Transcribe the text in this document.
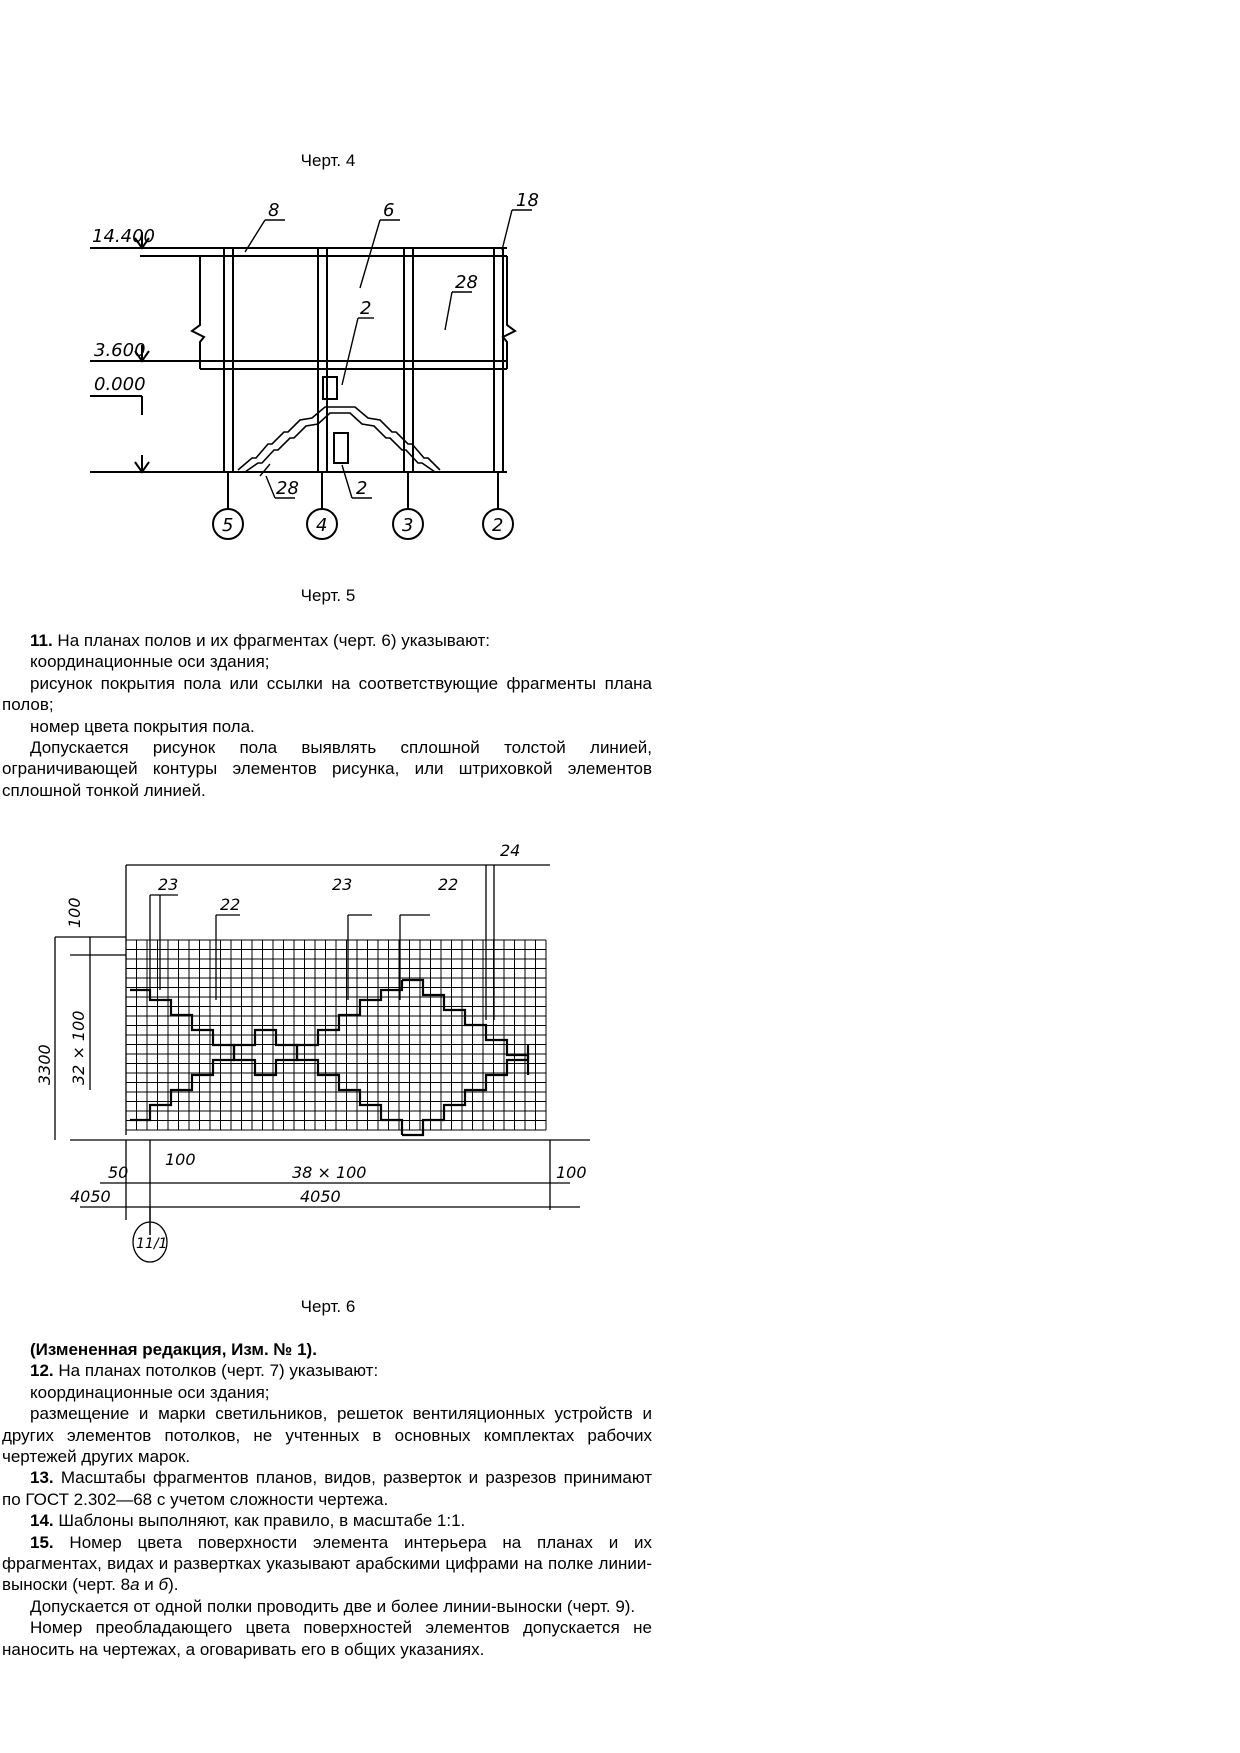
Черт. 4
14.400
3.600
0.000
8	6	18
2
28
28	2
5	4	3	2
Черт. 5

11. На планах полов и их фрагментах (черт. 6) указывают:

координационные оси здания;

рисунок покрытия пола или ссылки на соответствующие фрагменты плана полов;

номер цвета покрытия пола.

Допускается рисунок пола выявлять сплошной толстой линией, ограничивающей контуры элементов рисунка, или штриховкой элементов сплошной тонкой линией.

24
23
22
23	22
100
3300 32 × 100
50
100
38 × 100	100
4050	4050
11/1
Черт. 6

(Измененная редакция, Изм. № 1).

12. На планах потолков (черт. 7) указывают:

координационные оси здания;

размещение и марки светильников, решеток вентиляционных устройств и других элементов потолков, не учтенных в основных комплектах рабочих чертежей других марок.

13. Масштабы фрагментов планов, видов, разверток и разрезов принимают по ГОСТ 2.302—68 с учетом сложности чертежа.

14. Шаблоны выполняют, как правило, в масштабе 1:1.

15. Номер цвета поверхности элемента интерьера на планах и их фрагментах, видах и развертках указывают арабскими цифрами на полке линии-выноски (черт. 8а и б).

Допускается от одной полки проводить две и более линии-выноски (черт. 9).

Номер преобладающего цвета поверхностей элементов допускается не наносить на чертежах, а оговаривать его в общих указаниях.
